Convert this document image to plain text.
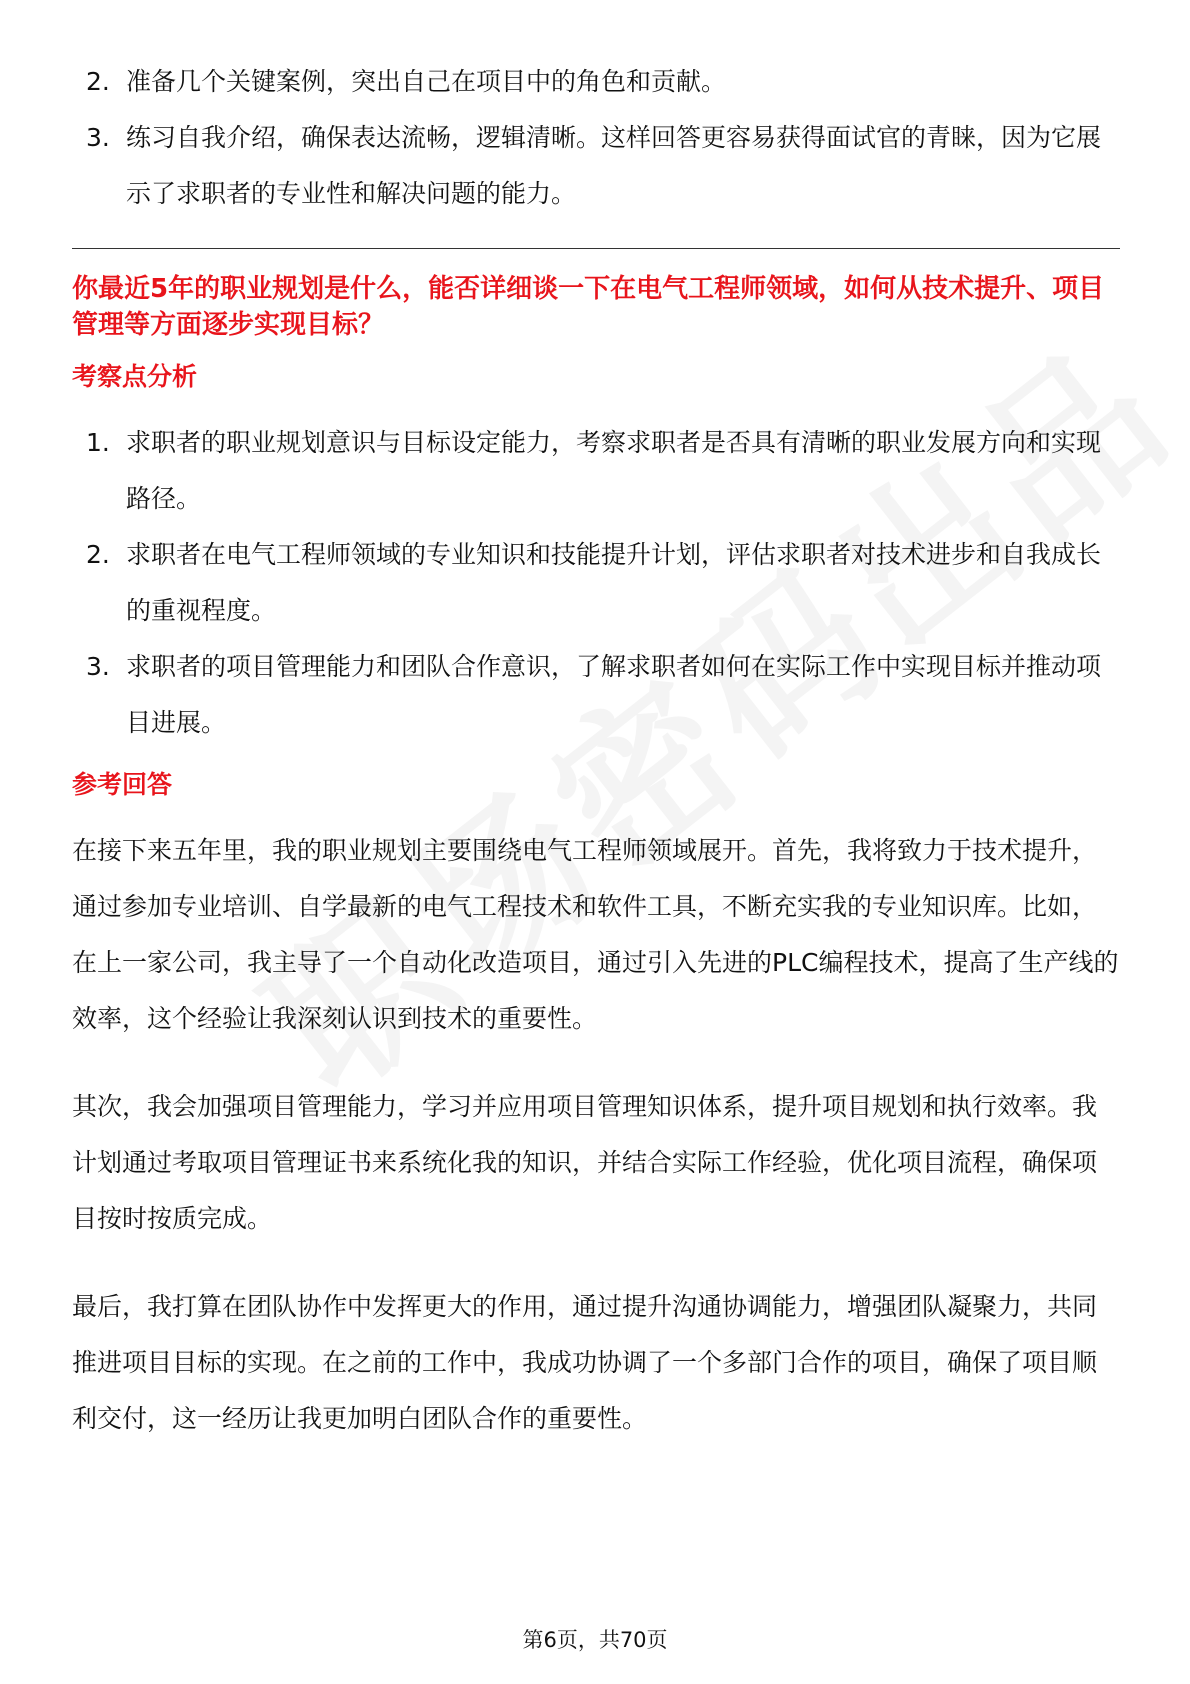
2. 准备几个关键案例，突出自己在项目中的角色和贡献。
3. 练习自我介绍，确保表达流畅，逻辑清晰。这样回答更容易获得面试官的青睐，因为它展示了求职者的专业性和解决问题的能力。

你最近5年的职业规划是什么，能否详细谈一下在电气工程师领域，如何从技术提升、项目管理等方面逐步实现目标？

考察点分析
1. 求职者的职业规划意识与目标设定能力，考察求职者是否具有清晰的职业发展方向和实现路径。
2. 求职者在电气工程师领域的专业知识和技能提升计划，评估求职者对技术进步和自我成长的重视程度。
3. 求职者的项目管理能力和团队合作意识，了解求职者如何在实际工作中实现目标并推动项目进展。
参考回答

在接下来五年里，我的职业规划主要围绕电气工程师领域展开。首先，我将致力于技术提升，通过参加专业培训、自学最新的电气工程技术和软件工具，不断充实我的专业知识库。比如，在上一家公司，我主导了一个自动化改造项目，通过引入先进的PLC编程技术，提高了生产线的效率，这个经验让我深刻认识到技术的重要性。

其次，我会加强项目管理能力，学习并应用项目管理知识体系，提升项目规划和执行效率。我计划通过考取项目管理证书来系统化我的知识，并结合实际工作经验，优化项目流程，确保项目按时按质完成。

最后，我打算在团队协作中发挥更大的作用，通过提升沟通协调能力，增强团队凝聚力，共同推进项目目标的实现。在之前的工作中，我成功协调了一个多部门合作的项目，确保了项目顺利交付，这一经历让我更加明白团队合作的重要性。

第6页，共70页
